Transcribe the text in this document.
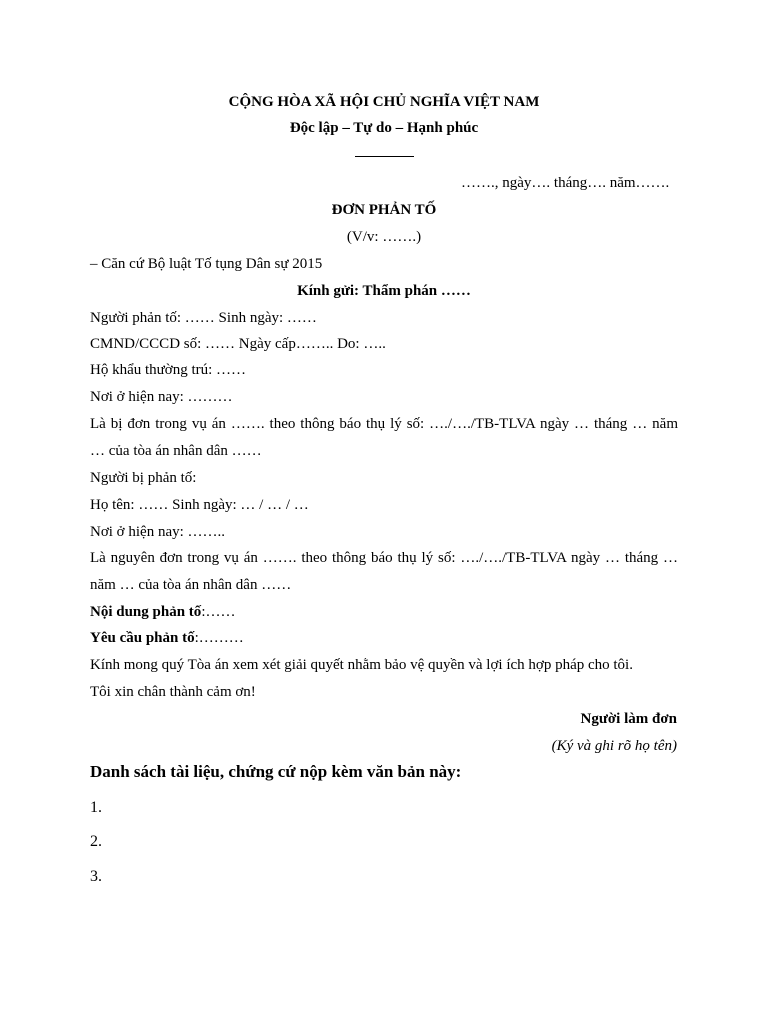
CỘNG HÒA XÃ HỘI CHỦ NGHĨA VIỆT NAM
Độc lập – Tự do – Hạnh phúc
……., ngày…. tháng…. năm…….
ĐƠN PHẢN TỐ
(V/v: …….)
– Căn cứ Bộ luật Tố tụng Dân sự 2015
Kính gửi: Thẩm phán ……
Người phản tố: …… Sinh ngày: ……
CMND/CCCD số: …… Ngày cấp…….. Do: …..
Hộ khẩu thường trú: ……
Nơi ở hiện nay: ………
Là bị đơn trong vụ án ……. theo thông báo thụ lý số: …./…./TB-TLVA ngày … tháng … năm
… của tòa án nhân dân ……
Người bị phản tố:
Họ tên: …… Sinh ngày: … / … / …
Nơi ở hiện nay: ……..
Là nguyên đơn trong vụ án ……. theo thông báo thụ lý số: …./…./TB-TLVA ngày … tháng …
năm … của tòa án nhân dân ……
Nội dung phản tố:……
Yêu cầu phản tố:………
Kính mong quý Tòa án xem xét giải quyết nhằm bảo vệ quyền và lợi ích hợp pháp cho tôi.
Tôi xin chân thành cảm ơn!
Người làm đơn
(Ký và ghi rõ họ tên)
Danh sách tài liệu, chứng cứ nộp kèm văn bản này:
1.
2.
3.
